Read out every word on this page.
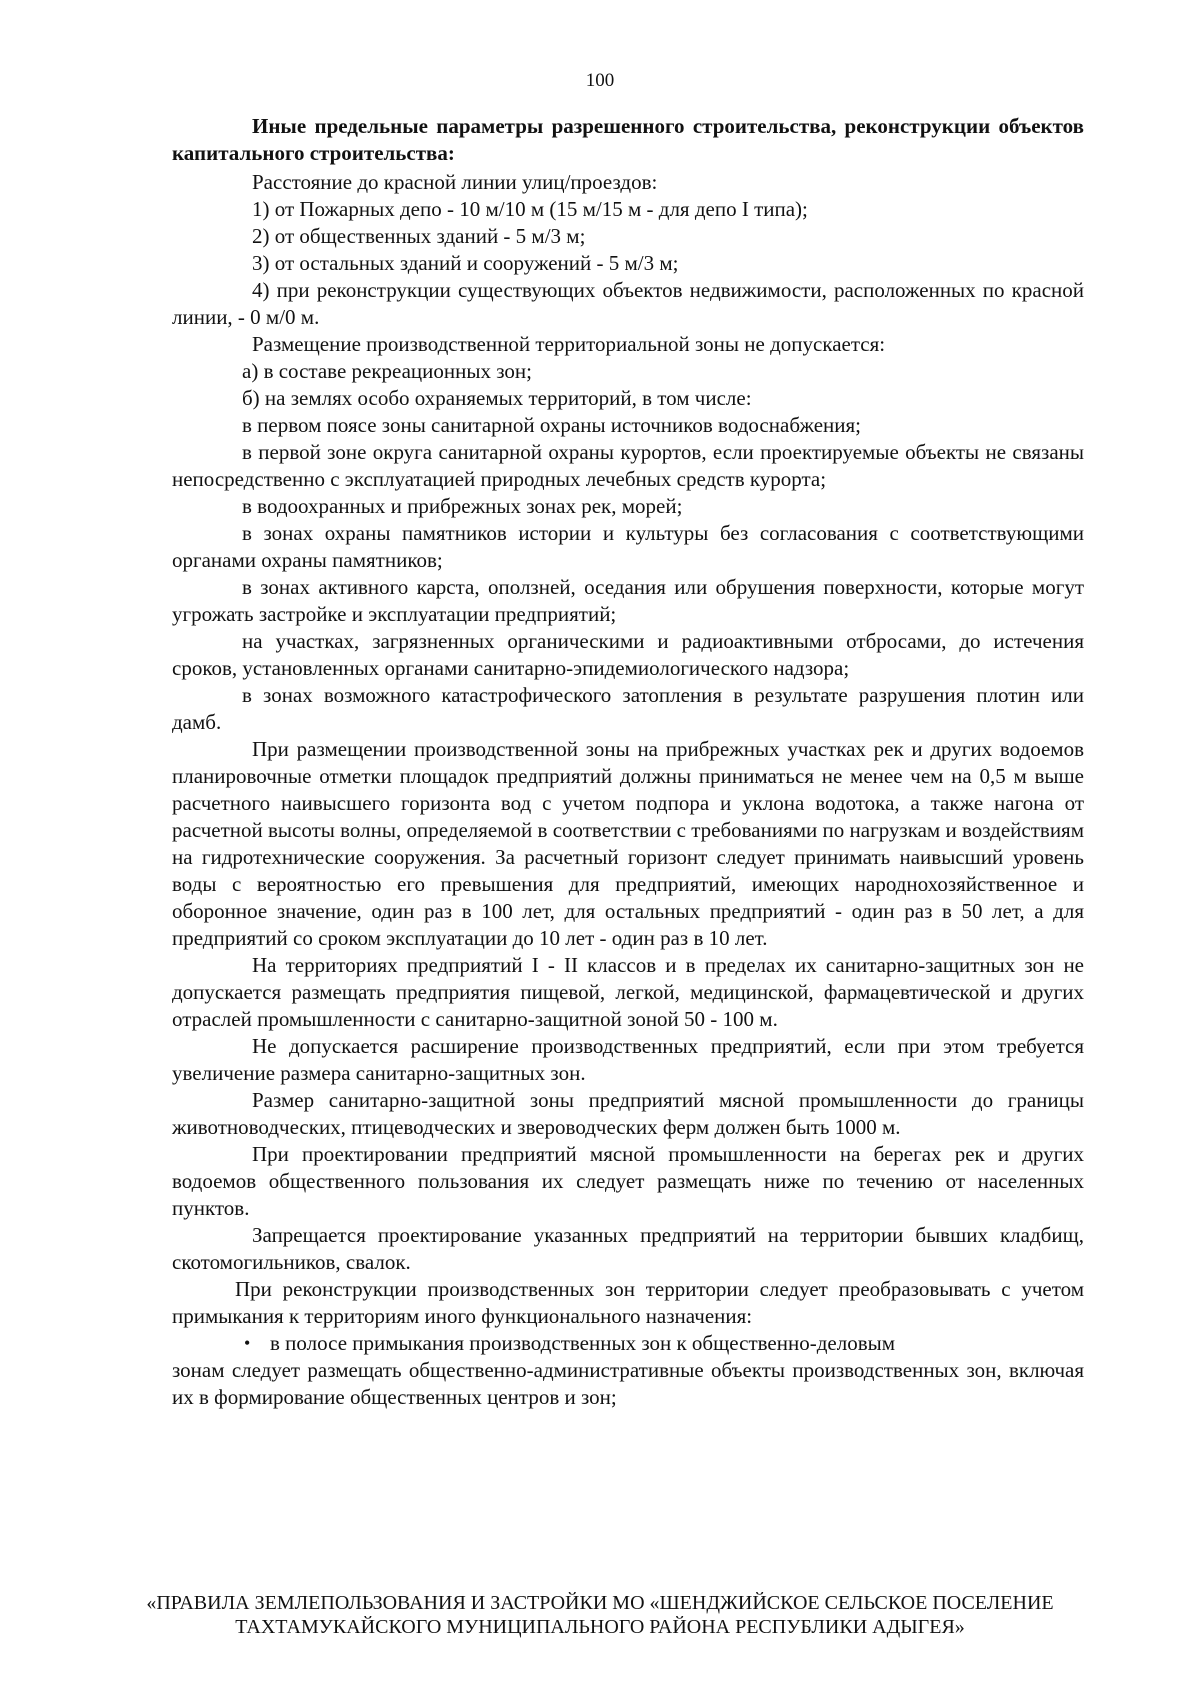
100

Иные предельные параметры разрешенного строительства, реконструкции объектов капитального строительства:

Расстояние до красной линии улиц/проездов:

1) от Пожарных депо - 10 м/10 м (15 м/15 м - для депо I типа);

2) от общественных зданий - 5 м/3 м;

3) от остальных зданий и сооружений - 5 м/3 м;

4) при реконструкции существующих объектов недвижимости, расположенных по красной линии, - 0 м/0 м.

Размещение производственной территориальной зоны не допускается:

а) в составе рекреационных зон;

б) на землях особо охраняемых территорий, в том числе:

в первом поясе зоны санитарной охраны источников водоснабжения;

в первой зоне округа санитарной охраны курортов, если проектируемые объекты не связаны непосредственно с эксплуатацией природных лечебных средств курорта;

в водоохранных и прибрежных зонах рек, морей;

в зонах охраны памятников истории и культуры без согласования с соответствующими органами охраны памятников;

в зонах активного карста, оползней, оседания или обрушения поверхности, которые могут угрожать застройке и эксплуатации предприятий;

на участках, загрязненных органическими и радиоактивными отбросами, до истечения сроков, установленных органами санитарно-эпидемиологического надзора;

в зонах возможного катастрофического затопления в результате разрушения плотин или дамб.

При размещении производственной зоны на прибрежных участках рек и других водоемов планировочные отметки площадок предприятий должны приниматься не менее чем на 0,5 м выше расчетного наивысшего горизонта вод с учетом подпора и уклона водотока, а также нагона от расчетной высоты волны, определяемой в соответствии с требованиями по нагрузкам и воздействиям на гидротехнические сооружения. За расчетный горизонт следует принимать наивысший уровень воды с вероятностью его превышения для предприятий, имеющих народнохозяйственное и оборонное значение, один раз в 100 лет, для остальных предприятий - один раз в 50 лет, а для предприятий со сроком эксплуатации до 10 лет - один раз в 10 лет.

На территориях предприятий I - II классов и в пределах их санитарно-защитных зон не допускается размещать предприятия пищевой, легкой, медицинской, фармацевтической и других отраслей промышленности с санитарно-защитной зоной 50 - 100 м.

Не допускается расширение производственных предприятий, если при этом требуется увеличение размера санитарно-защитных зон.

Размер санитарно-защитной зоны предприятий мясной промышленности до границы животноводческих, птицеводческих и звероводческих ферм должен быть 1000 м.

При проектировании предприятий мясной промышленности на берегах рек и других водоемов общественного пользования их следует размещать ниже по течению от населенных пунктов.

Запрещается проектирование указанных предприятий на территории бывших кладбищ, скотомогильников, свалок.

При реконструкции производственных зон территории следует преобразовывать с учетом примыкания к территориям иного функционального назначения:

• в полосе примыкания производственных зон к общественно-деловым

зонам следует размещать общественно-административные объекты производственных зон, включая их в формирование общественных центров и зон;

«ПРАВИЛА ЗЕМЛЕПОЛЬЗОВАНИЯ И ЗАСТРОЙКИ МО «ШЕНДЖИЙСКОЕ СЕЛЬСКОЕ ПОСЕЛЕНИЕ
ТАХТАМУКАЙСКОГО МУНИЦИПАЛЬНОГО РАЙОНА РЕСПУБЛИКИ АДЫГЕЯ»
